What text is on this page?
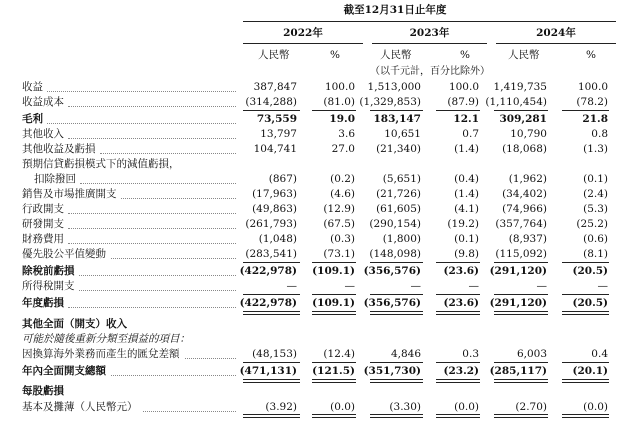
截至12月31日止年度
2022年	2023年	2024年
人民幣	%	人民幣	%	人民幣	%
（以千元計，百分比除外）
收益	387,847	100.0	1,513,000	100.0	1,419,735	100.0
收益成本	(314,288)	(81.0) (1,329,853)	(87.9) (1,110,454)	(78.2)
毛利	73,559	19.0	183,147	12.1	309,281	21.8
其他收入	13,797	3.6	10,651	0.7	10,790	0.8
其他收益及虧損	104,741	27.0	(21,340)	(1.4)	(18,068)	(1.3)
預期信貸虧損模式下的減值虧損，
扣除撥回	(867)	(0.2)	(5,651)	(0.4)	(1,962)	(0.1)
銷售及市場推廣開支	(17,963)	(4.6)	(21,726)	(1.4)	(34,402)	(2.4)
行政開支	(49,863)	(12.9)	(61,605)	(4.1)	(74,966)	(5.3)
研發開支	(261,793)	(67.5)	(290,154)	(19.2)	(357,764)	(25.2)
財務費用	(1,048)	(0.3)	(1,800)	(0.1)	(8,937)	(0.6)
優先股公平值變動	(283,541)	(73.1)	(148,098)	(9.8)	(115,092)	(8.1)
除稅前虧損	(422,978)	(109.1) (356,576)	(23.6)	(291,120)	(20.5)
所得稅開支	—	—	—	—	—	—
年度虧損	(422,978)	(109.1) (356,576)	(23.6)	(291,120)	(20.5)
其他全面（開支）收入
可能於隨後重新分類至損益的項目：
因換算海外業務而產生的匯兌差額	(48,153)	(12.4)	4,846	0.3	6,003	0.4
年內全面開支總額	(471,131)	(121.5) (351,730)	(23.2)	(285,117)	(20.1)
每股虧損
基本及攤薄（人民幣元）	(3.92)	(0.0)	(3.30)	(0.0)	(2.70)	(0.0)
